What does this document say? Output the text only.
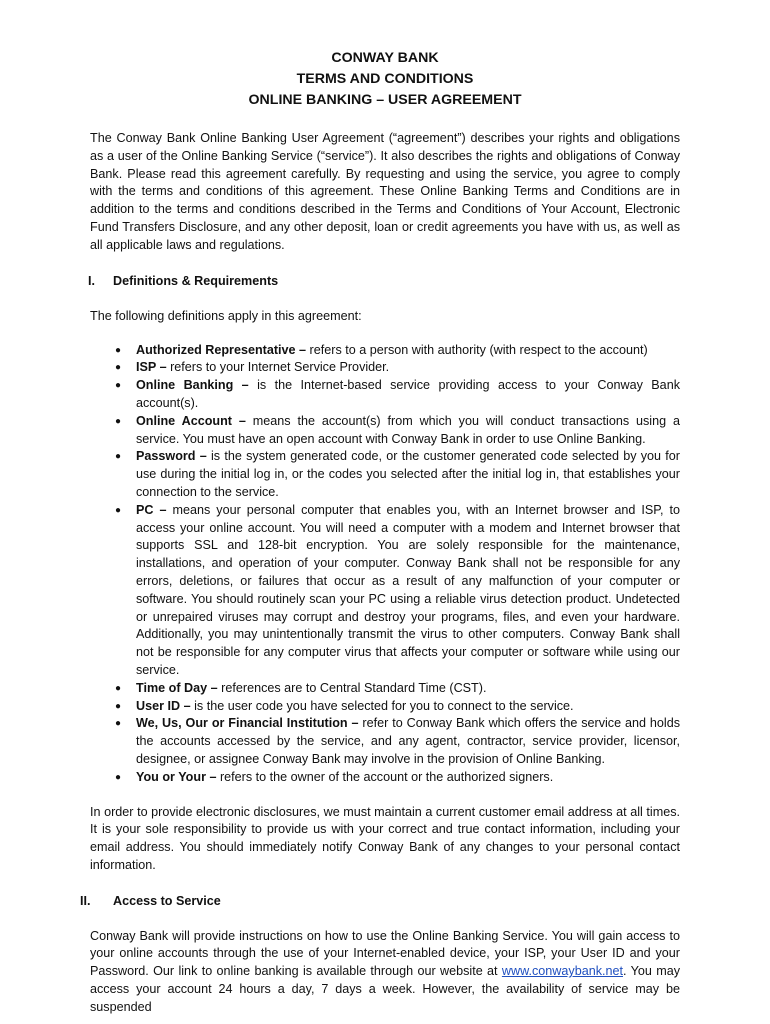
CONWAY BANK
TERMS AND CONDITIONS
ONLINE BANKING – USER AGREEMENT

The Conway Bank Online Banking User Agreement (“agreement”) describes your rights and obligations as a user of the Online Banking Service (“service”). It also describes the rights and obligations of Conway Bank. Please read this agreement carefully. By requesting and using the service, you agree to comply with the terms and conditions of this agreement. These Online Banking Terms and Conditions are in addition to the terms and conditions described in the Terms and Conditions of Your Account, Electronic Fund Transfers Disclosure, and any other deposit, loan or credit agreements you have with us, as well as all applicable laws and regulations.

I. Definitions & Requirements

The following definitions apply in this agreement:

● Authorized Representative – refers to a person with authority (with respect to the account)
● ISP – refers to your Internet Service Provider.
● Online Banking – is the Internet-based service providing access to your Conway Bank account(s).
● Online Account – means the account(s) from which you will conduct transactions using a service. You must have an open account with Conway Bank in order to use Online Banking.
● Password – is the system generated code, or the customer generated code selected by you for use during the initial log in, or the codes you selected after the initial log in, that establishes your connection to the service.
● PC – means your personal computer that enables you, with an Internet browser and ISP, to access your online account. You will need a computer with a modem and Internet browser that supports SSL and 128-bit encryption. You are solely responsible for the maintenance, installations, and operation of your computer. Conway Bank shall not be responsible for any errors, deletions, or failures that occur as a result of any malfunction of your computer or software. You should routinely scan your PC using a reliable virus detection product. Undetected or unrepaired viruses may corrupt and destroy your programs, files, and even your hardware. Additionally, you may unintentionally transmit the virus to other computers. Conway Bank shall not be responsible for any computer virus that affects your computer or software while using our service.
● Time of Day – references are to Central Standard Time (CST).
● User ID – is the user code you have selected for you to connect to the service.
● We, Us, Our or Financial Institution – refer to Conway Bank which offers the service and holds the accounts accessed by the service, and any agent, contractor, service provider, licensor, designee, or assignee Conway Bank may involve in the provision of Online Banking.
● You or Your – refers to the owner of the account or the authorized signers.

In order to provide electronic disclosures, we must maintain a current customer email address at all times. It is your sole responsibility to provide us with your correct and true contact information, including your email address. You should immediately notify Conway Bank of any changes to your personal contact information.

II. Access to Service

Conway Bank will provide instructions on how to use the Online Banking Service. You will gain access to your online accounts through the use of your Internet-enabled device, your ISP, your User ID and your Password. Our link to online banking is available through our website at www.conwaybank.net. You may access your account 24 hours a day, 7 days a week. However, the availability of service may be suspended
